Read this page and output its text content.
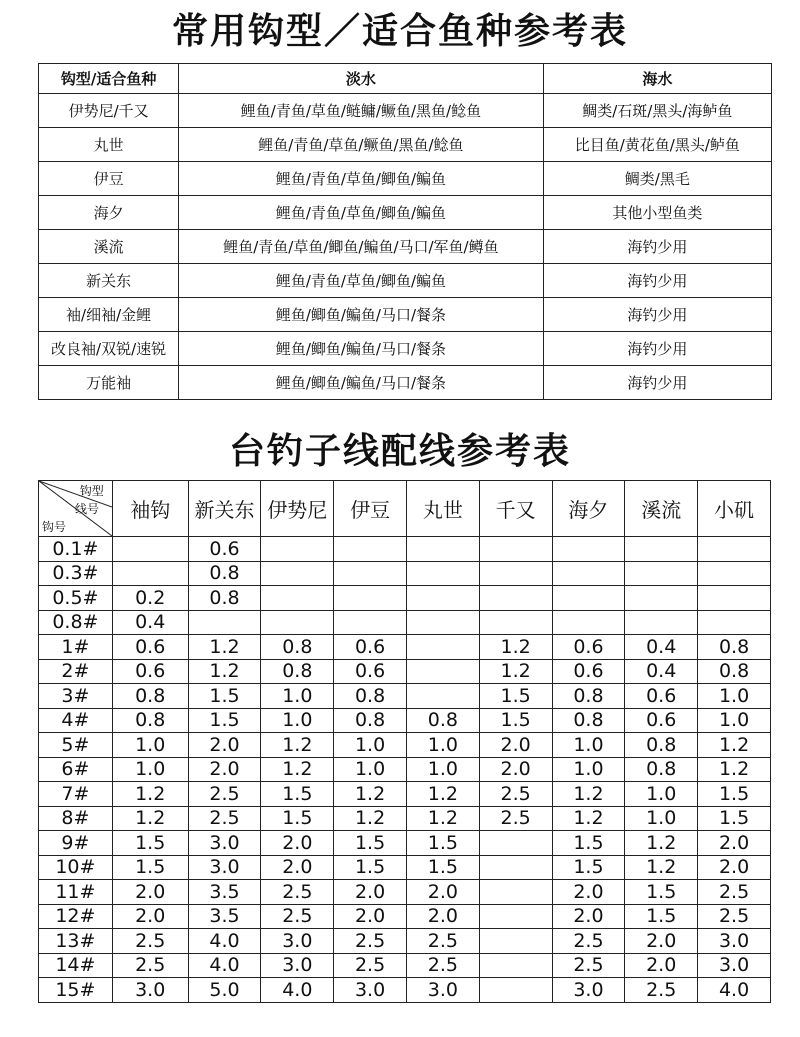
常用钩型／适合鱼种参考表
钩型/适合鱼种	淡水	海水
伊势尼/千又	鲤鱼/青鱼/草鱼/鲢鳙/鳜鱼/黑鱼/鲶鱼	鲷类/石斑/黑头/海鲈鱼
丸世	鲤鱼/青鱼/草鱼/鳜鱼/黑鱼/鲶鱼	比目鱼/黄花鱼/黑头/鲈鱼
伊豆	鲤鱼/青鱼/草鱼/鲫鱼/鳊鱼	鲷类/黑毛
海夕	鲤鱼/青鱼/草鱼/鲫鱼/鳊鱼	其他小型鱼类
溪流	鲤鱼/青鱼/草鱼/鲫鱼/鳊鱼/马口/军鱼/鳟鱼	海钓少用
新关东	鲤鱼/青鱼/草鱼/鲫鱼/鳊鱼	海钓少用
袖/细袖/金鲤	鲤鱼/鲫鱼/鳊鱼/马口/餐条	海钓少用
改良袖/双锐/速锐	鲤鱼/鲫鱼/鳊鱼/马口/餐条	海钓少用
万能袖	鲤鱼/鲫鱼/鳊鱼/马口/餐条	海钓少用
台钓子线配线参考表
钩型
线号
钩号	袖钩	新关东	伊势尼	伊豆	丸世	千又	海夕	溪流	小矶
0.1#		0.6							
0.3#		0.8							
0.5#	0.2	0.8							
0.8#	0.4								
1#	0.6	1.2	0.8	0.6		1.2	0.6	0.4	0.8
2#	0.6	1.2	0.8	0.6		1.2	0.6	0.4	0.8
3#	0.8	1.5	1.0	0.8		1.5	0.8	0.6	1.0
4#	0.8	1.5	1.0	0.8	0.8	1.5	0.8	0.6	1.0
5#	1.0	2.0	1.2	1.0	1.0	2.0	1.0	0.8	1.2
6#	1.0	2.0	1.2	1.0	1.0	2.0	1.0	0.8	1.2
7#	1.2	2.5	1.5	1.2	1.2	2.5	1.2	1.0	1.5
8#	1.2	2.5	1.5	1.2	1.2	2.5	1.2	1.0	1.5
9#	1.5	3.0	2.0	1.5	1.5		1.5	1.2	2.0
10#	1.5	3.0	2.0	1.5	1.5		1.5	1.2	2.0
11#	2.0	3.5	2.5	2.0	2.0		2.0	1.5	2.5
12#	2.0	3.5	2.5	2.0	2.0		2.0	1.5	2.5
13#	2.5	4.0	3.0	2.5	2.5		2.5	2.0	3.0
14#	2.5	4.0	3.0	2.5	2.5		2.5	2.0	3.0
15#	3.0	5.0	4.0	3.0	3.0		3.0	2.5	4.0
